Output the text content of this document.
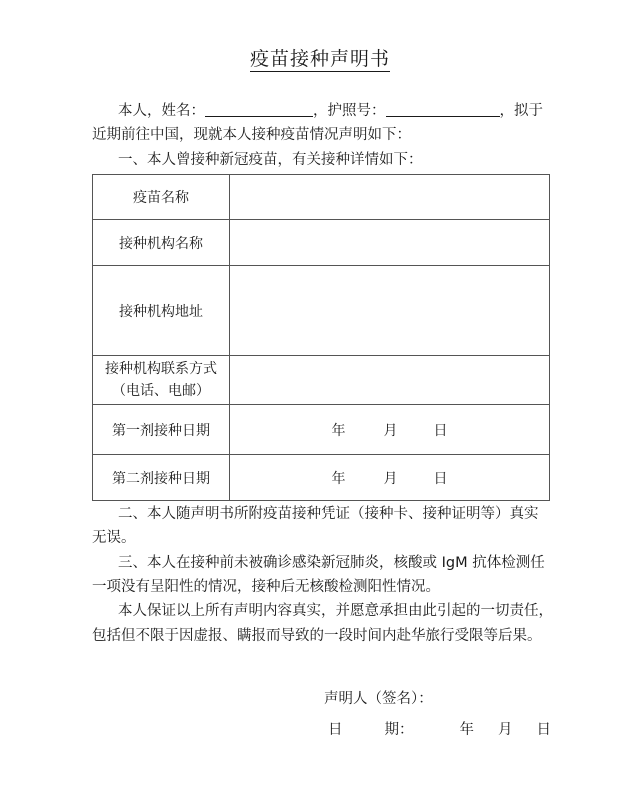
疫苗接种声明书
本人，姓名：	，护照号：	，拟于
近期前往中国，现就本人接种疫苗情况声明如下：
一、本人曾接种新冠疫苗，有关接种详情如下：
疫苗名称	
接种机构名称	
接种机构地址	

接种机构联系方式
（电话、电邮）	

第一剂接种日期	年 月 日
第二剂接种日期	年 月 日
二、本人随声明书所附疫苗接种凭证（接种卡、接种证明等）真实
无误。
三、本人在接种前未被确诊感染新冠肺炎，核酸或 IgM 抗体检测任
一项没有呈阳性的情况，接种后无核酸检测阳性情况。
本人保证以上所有声明内容真实，并愿意承担由此引起的一切责任，
包括但不限于因虚报、瞒报而导致的一段时间内赴华旅行受限等后果。
声明人（签名）：
日	期：	年 月 日
